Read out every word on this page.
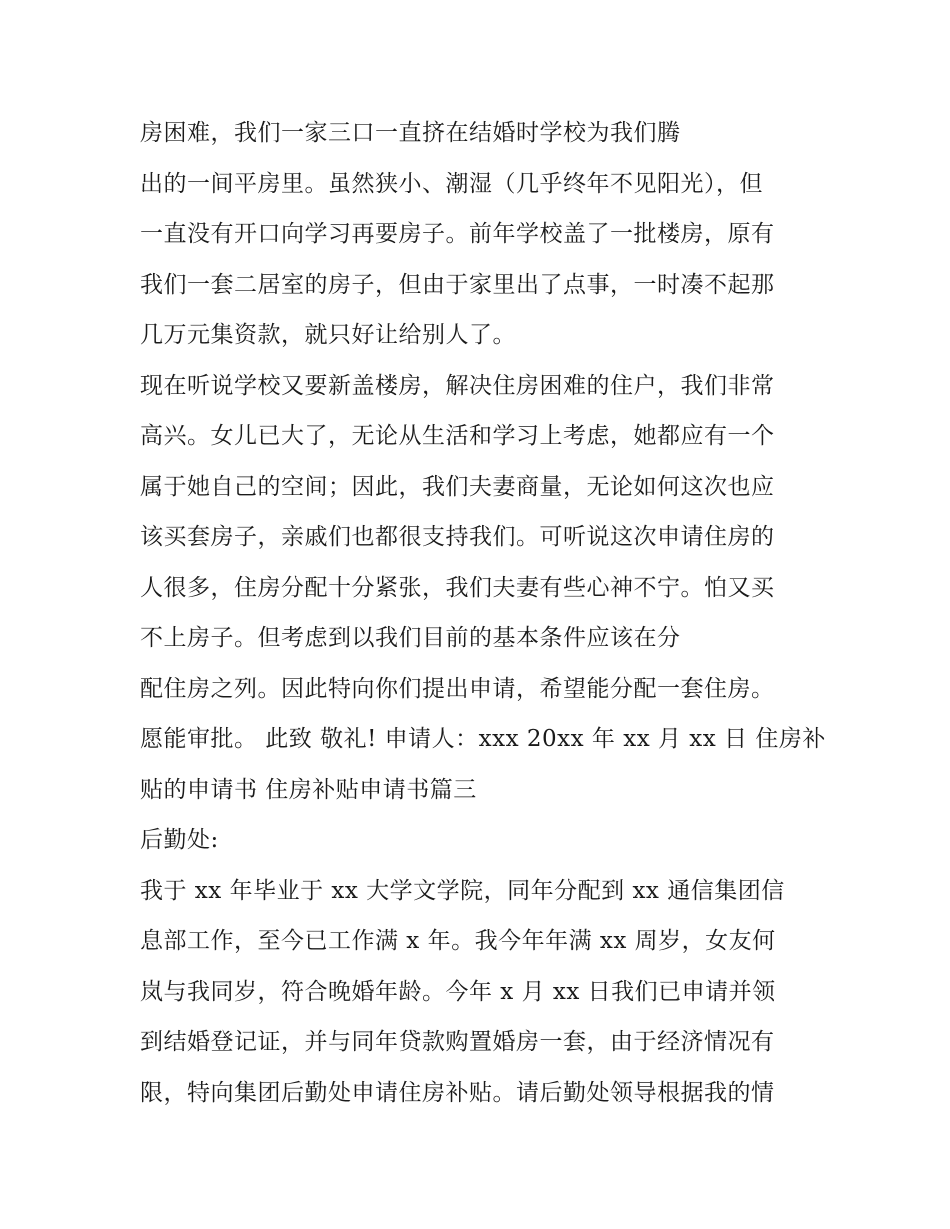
房困难，我们一家三口一直挤在结婚时学校为我们腾
出的一间平房里。虽然狭小、潮湿（几乎终年不见阳光），但
一直没有开口向学习再要房子。前年学校盖了一批楼房，原有
我们一套二居室的房子，但由于家里出了点事，一时凑不起那
几万元集资款，就只好让给别人了。
现在听说学校又要新盖楼房，解决住房困难的住户，我们非常
高兴。女儿已大了，无论从生活和学习上考虑，她都应有一个
属于她自己的空间；因此，我们夫妻商量，无论如何这次也应
该买套房子，亲戚们也都很支持我们。可听说这次申请住房的
人很多，住房分配十分紧张，我们夫妻有些心神不宁。怕又买
不上房子。但考虑到以我们目前的基本条件应该在分
配住房之列。因此特向你们提出申请，希望能分配一套住房。
愿能审批。 此致 敬礼! 申请人：xxx 20xx 年 xx 月 xx 日 住房补
贴的申请书 住房补贴申请书篇三
后勤处:
我于 xx 年毕业于 xx 大学文学院，同年分配到 xx 通信集团信
息部工作，至今已工作满 x 年。我今年年满 xx 周岁，女友何
岚与我同岁，符合晚婚年龄。今年 x 月 xx 日我们已申请并领
到结婚登记证，并与同年贷款购置婚房一套，由于经济情况有
限，特向集团后勤处申请住房补贴。请后勤处领导根据我的情
